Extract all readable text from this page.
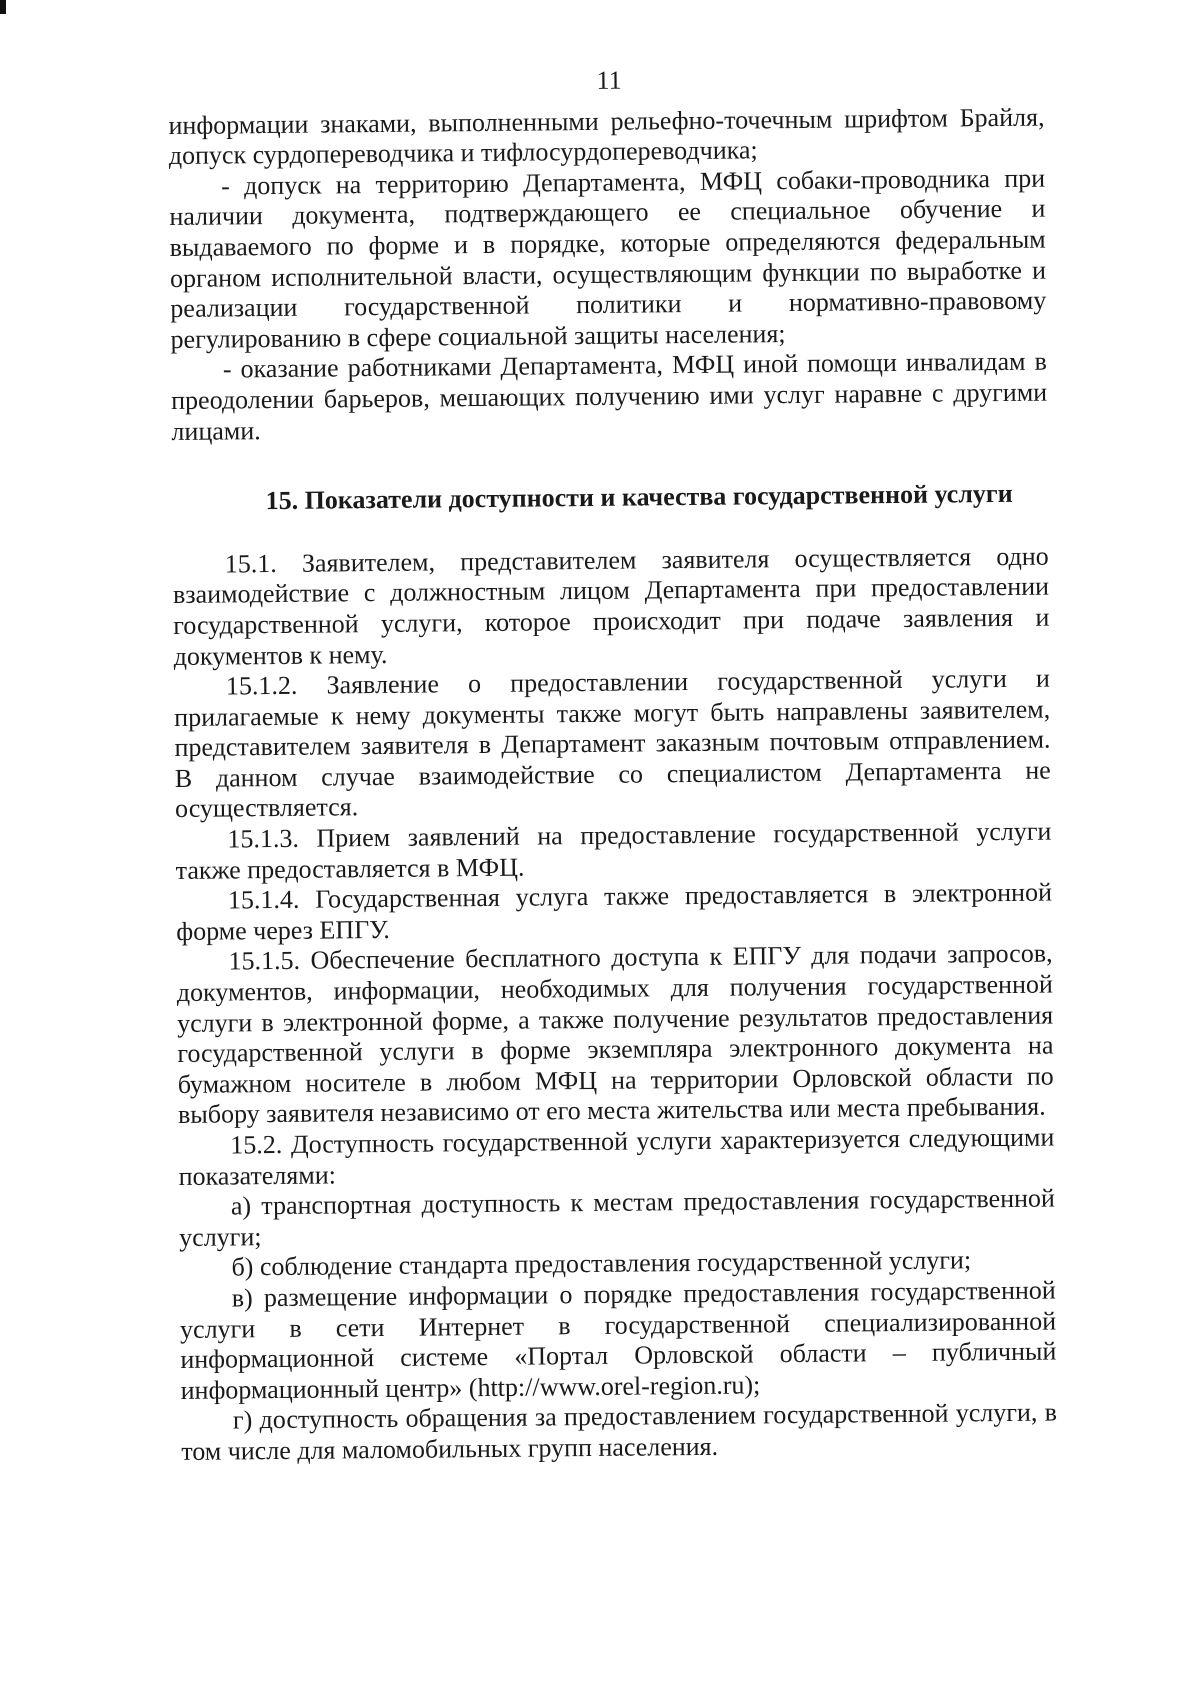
11

информации знаками, выполненными рельефно-точечным шрифтом Брайля, допуск сурдопереводчика и тифлосурдопереводчика;

- допуск на территорию Департамента, МФЦ собаки-проводника при наличии документа, подтверждающего ее специальное обучение и выдаваемого по форме и в порядке, которые определяются федеральным органом исполнительной власти, осуществляющим функции по выработке и реализации государственной политики и нормативно-правовому регулированию в сфере социальной защиты населения;

- оказание работниками Департамента, МФЦ иной помощи инвалидам в преодолении барьеров, мешающих получению ими услуг наравне с другими лицами.

15. Показатели доступности и качества государственной услуги

15.1. Заявителем, представителем заявителя осуществляется одно взаимодействие с должностным лицом Департамента при предоставлении государственной услуги, которое происходит при подаче заявления и документов к нему.

15.1.2. Заявление о предоставлении государственной услуги и прилагаемые к нему документы также могут быть направлены заявителем, представителем заявителя в Департамент заказным почтовым отправлением. В данном случае взаимодействие со специалистом Департамента не осуществляется.

15.1.3. Прием заявлений на предоставление государственной услуги также предоставляется в МФЦ.

15.1.4. Государственная услуга также предоставляется в электронной форме через ЕПГУ.

15.1.5. Обеспечение бесплатного доступа к ЕПГУ для подачи запросов, документов, информации, необходимых для получения государственной услуги в электронной форме, а также получение результатов предоставления государственной услуги в форме экземпляра электронного документа на бумажном носителе в любом МФЦ на территории Орловской области по выбору заявителя независимо от его места жительства или места пребывания.

15.2. Доступность государственной услуги характеризуется следующими показателями:

а) транспортная доступность к местам предоставления государственной услуги;

б) соблюдение стандарта предоставления государственной услуги;

в) размещение информации о порядке предоставления государственной услуги в сети Интернет в государственной специализированной информационной системе «Портал Орловской области – публичный информационный центр» (http://www.orel-region.ru);

г) доступность обращения за предоставлением государственной услуги, в том числе для маломобильных групп населения.
